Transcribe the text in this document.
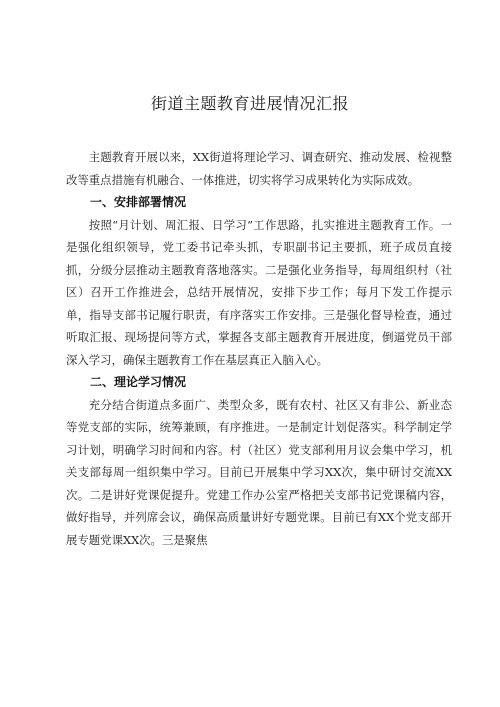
街道主题教育进展情况汇报

主题教育开展以来，XX街道将理论学习、调查研究、推动发展、检视整改等重点措施有机融合、一体推进，切实将学习成果转化为实际成效。

一、安排部署情况

按照“月计划、周汇报、日学习”工作思路，扎实推进主题教育工作。一是强化组织领导，党工委书记牵头抓，专职副书记主要抓，班子成员直接抓，分级分层推动主题教育落地落实。二是强化业务指导，每周组织村（社区）召开工作推进会，总结开展情况，安排下步工作；每月下发工作提示单，指导支部书记履行职责，有序落实工作安排。三是强化督导检查，通过听取汇报、现场提问等方式，掌握各支部主题教育开展进度，倒逼党员干部深入学习，确保主题教育工作在基层真正入脑入心。

二、理论学习情况

充分结合街道点多面广、类型众多，既有农村、社区又有非公、新业态等党支部的实际，统筹兼顾，有序推进。一是制定计划促落实。科学制定学习计划，明确学习时间和内容。村（社区）党支部利用月议会集中学习，机关支部每周一组织集中学习。目前已开展集中学习XX次，集中研讨交流XX次。二是讲好党课促提升。党建工作办公室严格把关支部书记党课稿内容，做好指导，并列席会议，确保高质量讲好专题党课。目前已有XX个党支部开展专题党课XX次。三是聚焦
